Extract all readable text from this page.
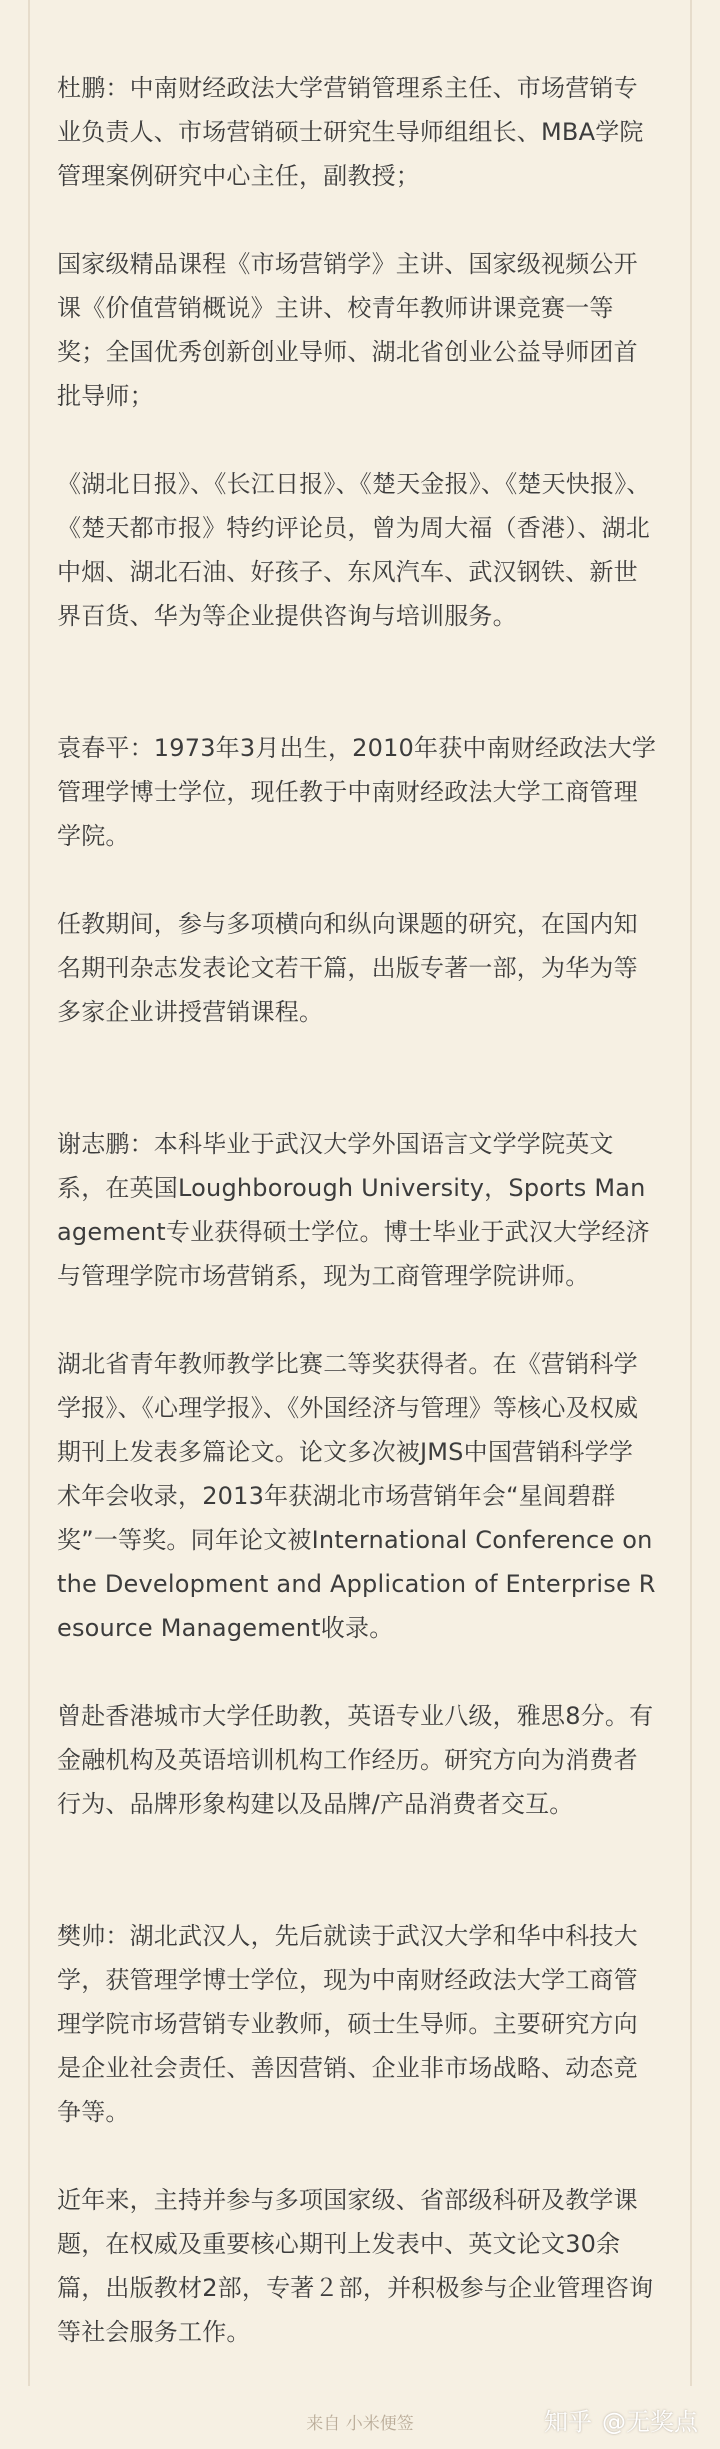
杜鹏：中南财经政法大学营销管理系主任、市场营销专业负责人、市场营销硕士研究生导师组组长、MBA学院管理案例研究中心主任，副教授；

国家级精品课程《市场营销学》主讲、国家级视频公开课《价值营销概说》主讲、校青年教师讲课竞赛一等奖；全国优秀创新创业导师、湖北省创业公益导师团首批导师；

《湖北日报》、《长江日报》、《楚天金报》、《楚天快报》、《楚天都市报》特约评论员，曾为周大福（香港）、湖北中烟、湖北石油、好孩子、东风汽车、武汉钢铁、新世界百货、华为等企业提供咨询与培训服务。

袁春平：1973年3月出生，2010年获中南财经政法大学管理学博士学位，现任教于中南财经政法大学工商管理学院。

任教期间，参与多项横向和纵向课题的研究，在国内知名期刊杂志发表论文若干篇，出版专著一部，为华为等多家企业讲授营销课程。

谢志鹏：本科毕业于武汉大学外国语言文学学院英文系，在英国Loughborough University，Sports Management专业获得硕士学位。博士毕业于武汉大学经济与管理学院市场营销系，现为工商管理学院讲师。

湖北省青年教师教学比赛二等奖获得者。在《营销科学学报》、《心理学报》、《外国经济与管理》等核心及权威期刊上发表多篇论文。论文多次被JMS中国营销科学学术年会收录，2013年获湖北市场营销年会“星闾碧群奖”一等奖。同年论文被International Conference on the Development and Application of Enterprise Resource Management收录。

曾赴香港城市大学任助教，英语专业八级，雅思8分。有金融机构及英语培训机构工作经历。研究方向为消费者行为、品牌形象构建以及品牌/产品消费者交互。

樊帅：湖北武汉人，先后就读于武汉大学和华中科技大学，获管理学博士学位，现为中南财经政法大学工商管理学院市场营销专业教师，硕士生导师。主要研究方向是企业社会责任、善因营销、企业非市场战略、动态竞争等。

近年来，主持并参与多项国家级、省部级科研及教学课题，在权威及重要核心期刊上发表中、英文论文30余篇，出版教材2部，专著２部，并积极参与企业管理咨询等社会服务工作。

来自 小米便签	知乎 @无奖点
